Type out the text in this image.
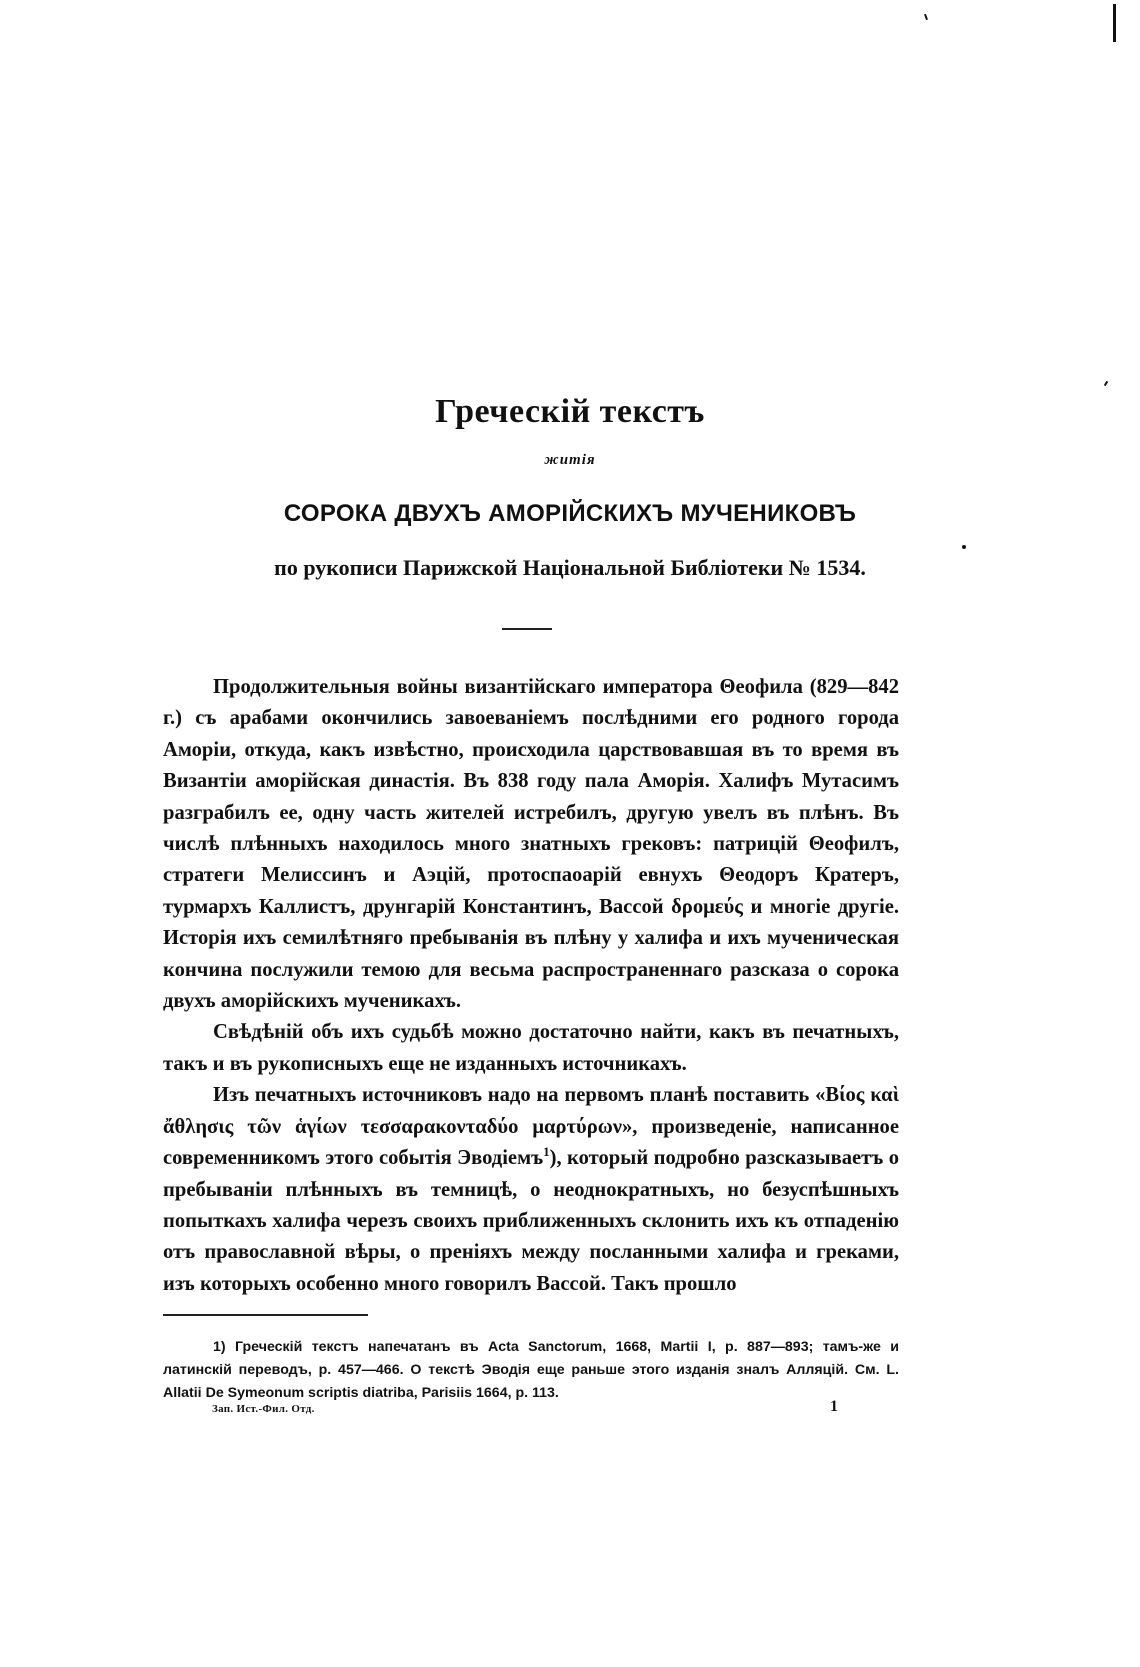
Греческій текстъ
житія
СОРОКА ДВУХЪ АМОРІЙСКИХЪ МУЧЕНИКОВЪ
по рукописи Парижской Національной Библіотеки № 1534.

Продолжительныя войны византійскаго императора Θеофила (829—842 г.) съ арабами окончились завоеваніемъ послѣдними его родного города Аморіи, откуда, какъ извѣстно, происходила царствовавшая въ то время въ Византіи аморійская династія. Въ 838 году пала Аморія. Халифъ Мутасимъ разграбилъ ее, одну часть жителей истребилъ, другую увелъ въ плѣнъ. Въ числѣ плѣнныхъ находилось много знатныхъ грековъ: патрицій Θеофилъ, стратеги Мелиссинъ и Аэцій, протоспаоарій евнухъ Θеодоръ Кратеръ, турмархъ Каллистъ, друнгарій Константинъ, Вассой δρομεύς и многіе другіе. Исторія ихъ семилѣтняго пребыванія въ плѣну у халифа и ихъ мученическая кончина послужили темою для весьма распространеннаго разсказа о сорока двухъ аморійскихъ мученикахъ.

Свѣдѣній объ ихъ судьбѣ можно достаточно найти, какъ въ печатныхъ, такъ и въ рукописныхъ еще не изданныхъ источникахъ.

Изъ печатныхъ источниковъ надо на первомъ планѣ поставить «Βίος καὶ ἄθλησις τῶν ἁγίων τεσσαρακονταδύο μαρτύρων», произведеніе, написанное современникомъ этого событія Эводіемъ$^1$), который подробно разсказываетъ о пребываніи плѣнныхъ въ темницѣ, о неоднократныхъ, но безуспѣшныхъ попыткахъ халифа черезъ своихъ приближенныхъ склонить ихъ къ отпаденію отъ православной вѣры, о преніяхъ между посланными халифа и греками, изъ которыхъ особенно много говорилъ Вассой. Такъ прошло

1) Греческій текстъ напечатанъ въ Acta Sanctorum, 1668, Martii I, p. 887—893; тамъ-же и латинскій переводъ, p. 457—466. О текстѣ Эводія еще раньше этого изданія зналъ Алляцій. См. L. Allatii De Symeonum scriptis diatriba, Parisiis 1664, p. 113.
Зап. Ист.-Фил. Отд.	1
